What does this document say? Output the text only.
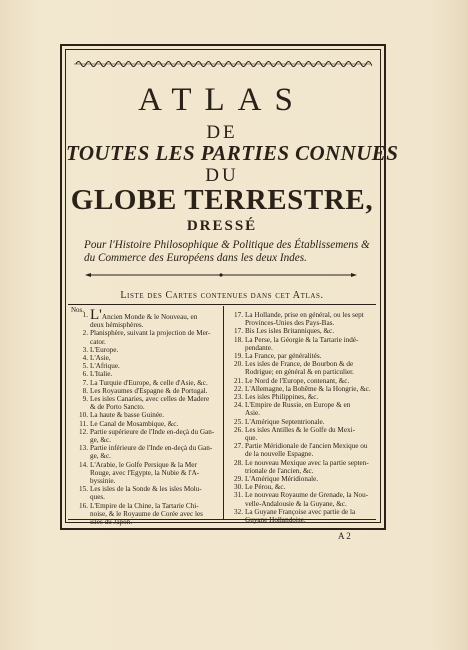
ATLAS
DE
TOUTES LES PARTIES CONNUES
DU
GLOBE TERRESTRE,
DRESSÉ
Pour l'Histoire Philosophique & Politique des Établissemens & du Commerce des Européens dans les deux Indes.
Liste des Cartes contenues dans cet Atlas.
Nos.
1. L'Ancien Monde & le Nouveau, en
deux hémisphères.
2. Planisphère, suivant la projection de Mer-
cator.
3. L'Europe.
4. L'Asie,
5. L'Afrique.
6. L'Italie.
7. La Turquie d'Europe, & celle d'Asie, &c.
8. Les Royaumes d'Espagne & de Portugal.
9. Les isles Canaries, avec celles de Madere
& de Porto Sancto.
10. La haute & basse Guinée.
11. Le Canal de Mosambique, &c.
12. Partie supérieure de l'Inde en-deçà du Gan-
ge, &c.
13. Partie inférieure de l'Inde en-deçà du Gan-
ge, &c.
14. L'Arabie, le Golfe Persique & la Mer
Rouge, avec l'Egypte, la Nubie & l'A-
byssinie.
15. Les isles de la Sonde & les isles Molu-
ques.
16. L'Empire de la Chine, la Tartarie Chi-
noise, & le Royaume de Corée avec les
isles du Japon.
17. La Hollande, prise en général, ou les sept
Provinces-Unies des Pays-Bas.
17. Bis Les isles Britanniques, &c.
18. La Perse, la Géorgie & la Tartarie indé-
pendante.
19. La France, par généralités.
20. Les isles de France, de Bourbon & de
Rodrigue; en général & en particulier.
21. Le Nord de l'Europe, contenant, &c.
22. L'Allemagne, la Bohême & la Hongrie, &c.
23. Les isles Philippines, &c.
24. L'Empire de Russie, en Europe & en
Asie.
25. L'Amérique Septentrionale.
26. Les isles Antilles & le Golfe du Mexi-
que.
27. Partie Méridionale de l'ancien Mexique ou
de la nouvelle Espagne.
28. Le nouveau Mexique avec la partie septen-
trionale de l'ancien, &c.
29. L'Amérique Méridionale.
30. Le Pérou, &c.
31. Le nouveau Royaume de Grenade, la Nou-
velle-Andalousie & la Guyane, &c.
32. La Guyane Françoise avec partie de la
Guyane Hollandoise.
A 2
